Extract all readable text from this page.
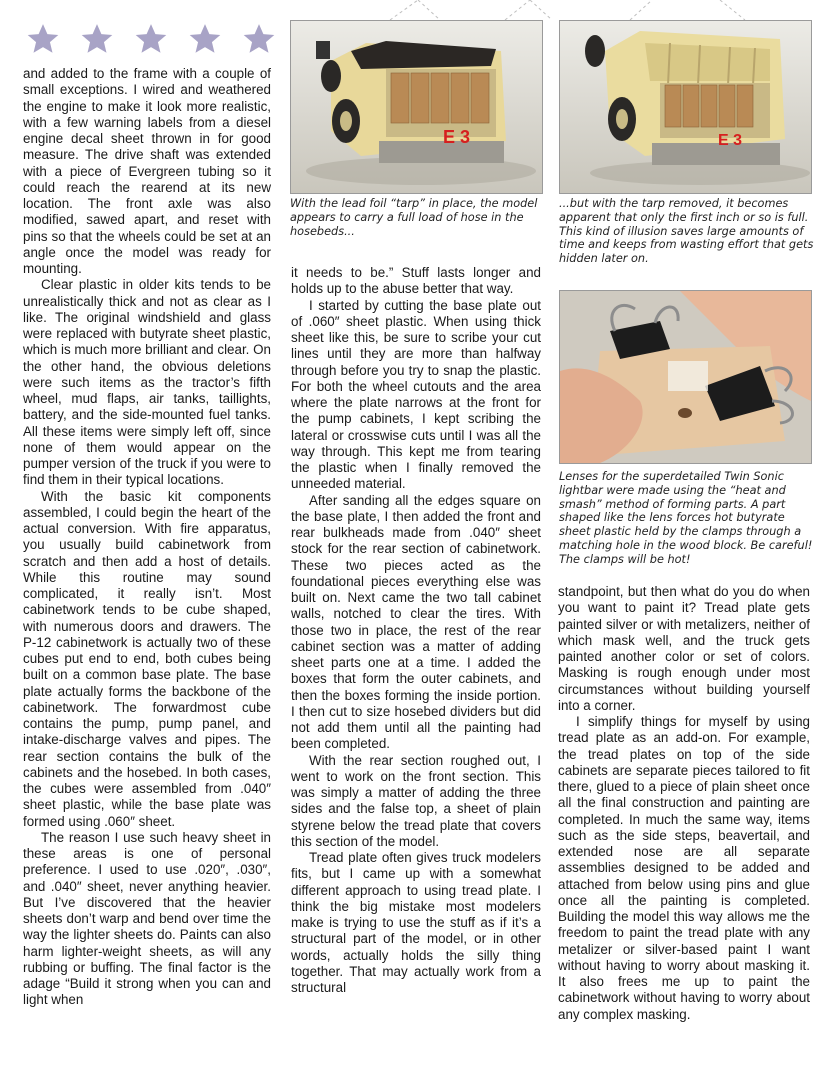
and added to the frame with a couple of small exceptions. I wired and weathered the engine to make it look more realistic, with a few warning labels from a diesel engine decal sheet thrown in for good measure. The drive shaft was extended with a piece of Evergreen tubing so it could reach the rearend at its new location. The front axle was also modified, sawed apart, and reset with pins so that the wheels could be set at an angle once the model was ready for mounting.

Clear plastic in older kits tends to be unrealistically thick and not as clear as I like. The original windshield and glass were replaced with butyrate sheet plastic, which is much more brilliant and clear. On the other hand, the obvious deletions were such items as the tractor’s fifth wheel, mud flaps, air tanks, taillights, battery, and the side-mounted fuel tanks. All these items were simply left off, since none of them would appear on the pumper version of the truck if you were to find them in their typical locations.

With the basic kit components assembled, I could begin the heart of the actual conversion. With fire apparatus, you usually build cabinetwork from scratch and then add a host of details. While this routine may sound complicated, it really isn’t. Most cabinetwork tends to be cube shaped, with numerous doors and drawers. The P-12 cabinetwork is actually two of these cubes put end to end, both cubes being built on a common base plate. The base plate actually forms the backbone of the cabinetwork. The forwardmost cube contains the pump, pump panel, and intake-discharge valves and pipes. The rear section contains the bulk of the cabinets and the hosebed. In both cases, the cubes were assembled from .040″ sheet plastic, while the base plate was formed using .060″ sheet.

The reason I use such heavy sheet in these areas is one of personal preference. I used to use .020″, .030″, and .040″ sheet, never anything heavier. But I’ve discovered that the heavier sheets don’t warp and bend over time the way the lighter sheets do. Paints can also harm lighter-weight sheets, as will any rubbing or buffing. The final factor is the adage “Build it strong when you can and light when

it needs to be.” Stuff lasts longer and holds up to the abuse better that way.

I started by cutting the base plate out of .060″ sheet plastic. When using thick sheet like this, be sure to scribe your cut lines until they are more than halfway through before you try to snap the plastic. For both the wheel cutouts and the area where the plate narrows at the front for the pump cabinets, I kept scribing the lateral or crosswise cuts until I was all the way through. This kept me from tearing the plastic when I finally removed the unneeded material.

After sanding all the edges square on the base plate, I then added the front and rear bulkheads made from .040″ sheet stock for the rear section of cabinetwork. These two pieces acted as the foundational pieces everything else was built on. Next came the two tall cabinet walls, notched to clear the tires. With those two in place, the rest of the rear cabinet section was a matter of adding sheet parts one at a time. I added the boxes that form the outer cabinets, and then the boxes forming the inside portion. I then cut to size hosebed dividers but did not add them until all the painting had been completed.

With the rear section roughed out, I went to work on the front section. This was simply a matter of adding the three sides and the false top, a sheet of plain styrene below the tread plate that covers this section of the model.

Tread plate often gives truck modelers fits, but I came up with a somewhat different approach to using tread plate. I think the big mistake most modelers make is trying to use the stuff as if it’s a structural part of the model, or in other words, actually holds the silly thing together. That may actually work from a structural

standpoint, but then what do you do when you want to paint it? Tread plate gets painted silver or with metalizers, neither of which mask well, and the truck gets painted another color or set of colors. Masking is rough enough under most circumstances without building yourself into a corner.

I simplify things for myself by using tread plate as an add-on. For example, the tread plates on top of the side cabinets are separate pieces tailored to fit there, glued to a piece of plain sheet once all the final construction and painting are completed. In much the same way, items such as the side steps, beavertail, and extended nose are all separate assemblies designed to be added and attached from below using pins and glue once all the painting is completed. Building the model this way allows me the freedom to paint the tread plate with any metalizer or silver-based paint I want without having to worry about masking it. It also frees me up to paint the cabinetwork without having to worry about any complex masking.

E 3
With the lead foil “tarp” in place, the model appears to carry a full load of hose in the hosebeds...
E 3
...but with the tarp removed, it becomes apparent that only the first inch or so is full. This kind of illusion saves large amounts of time and keeps from wasting effort that gets hidden later on.
Lenses for the superdetailed Twin Sonic lightbar were made using the “heat and smash” method of forming parts. A part shaped like the lens forces hot butyrate sheet plastic held by the clamps through a matching hole in the wood block. Be careful! The clamps will be hot!
